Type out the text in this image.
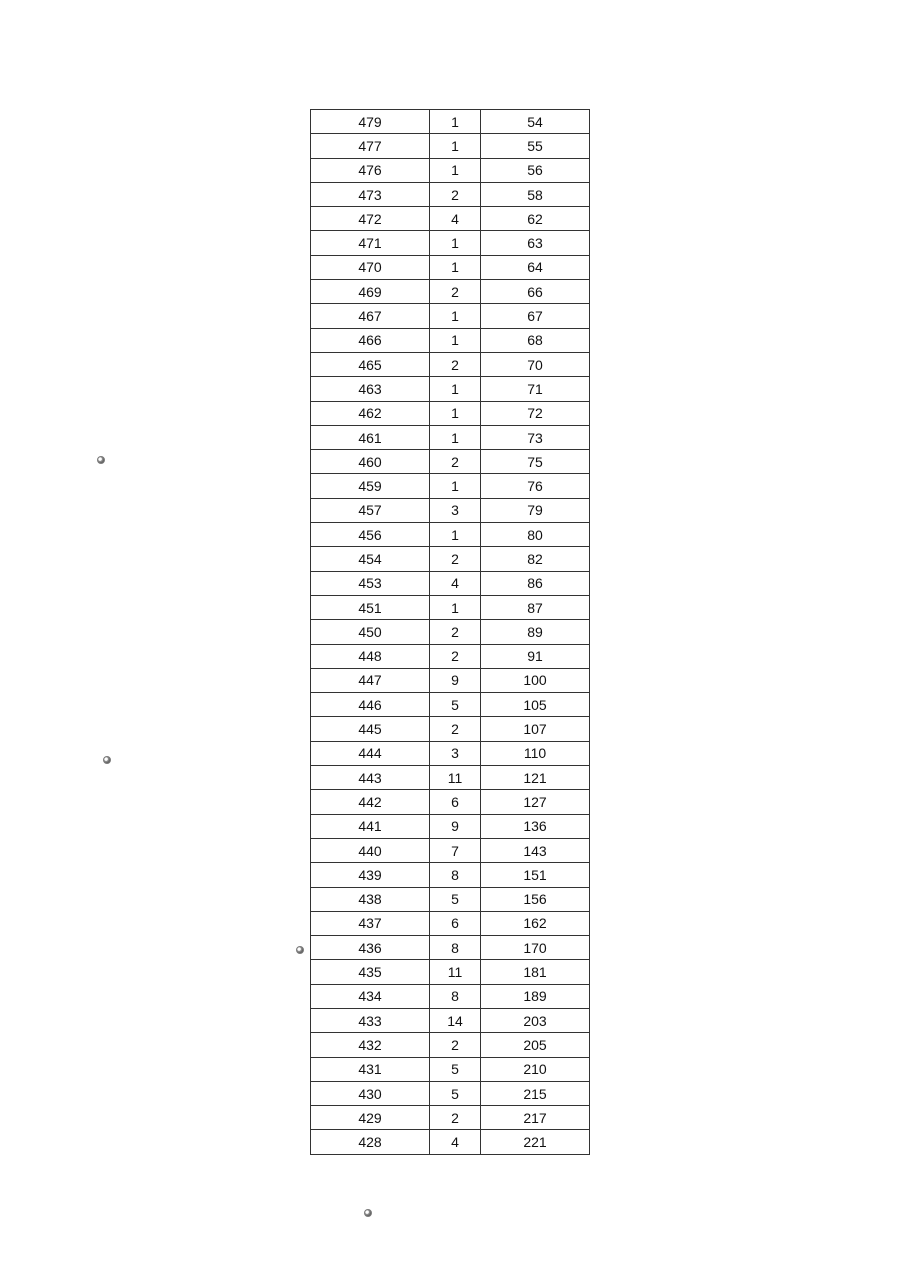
479	1	54
477	1	55
476	1	56
473	2	58
472	4	62
471	1	63
470	1	64
469	2	66
467	1	67
466	1	68
465	2	70
463	1	71
462	1	72
461	1	73
460	2	75
459	1	76
457	3	79
456	1	80
454	2	82
453	4	86
451	1	87
450	2	89
448	2	91
447	9	100
446	5	105
445	2	107
444	3	110
443	11	121
442	6	127
441	9	136
440	7	143
439	8	151
438	5	156
437	6	162
436	8	170
435	11	181
434	8	189
433	14	203
432	2	205
431	5	210
430	5	215
429	2	217
428	4	221
